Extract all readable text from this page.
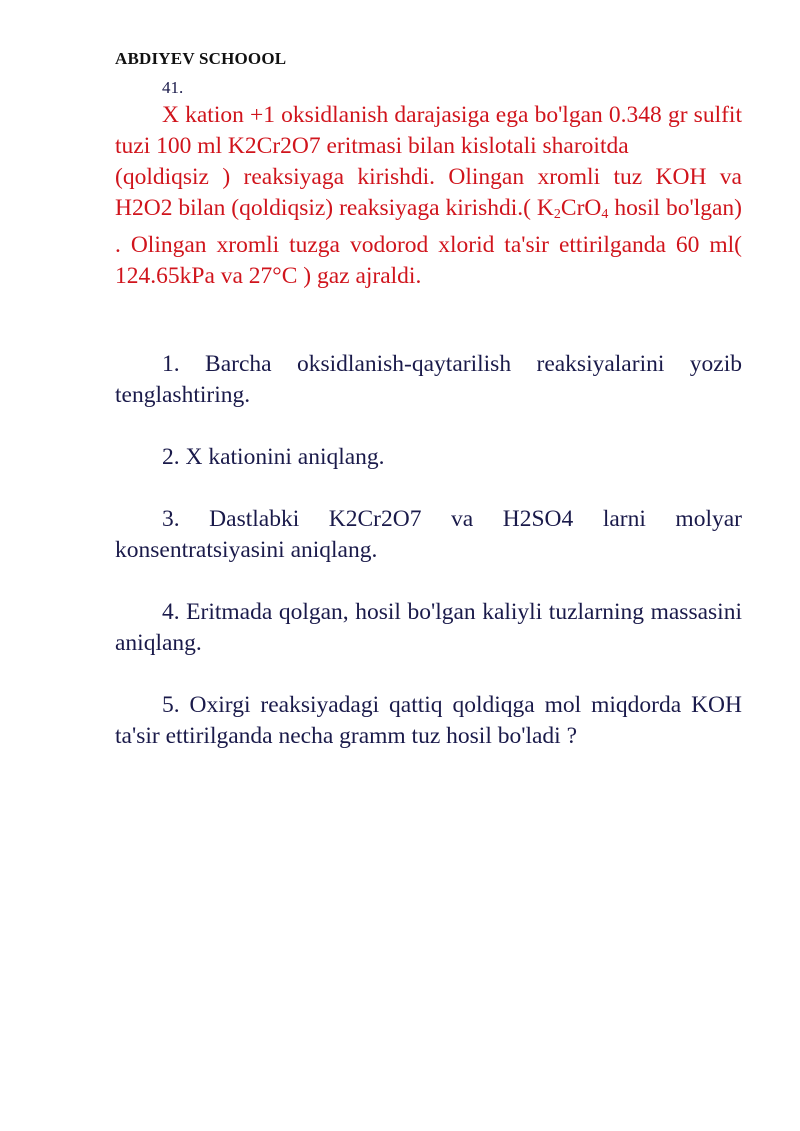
ABDIYEV SCHOOOL
41.

X kation +1 oksidlanish darajasiga ega bo'lgan 0.348 gr sulfit tuzi 100 ml K2Cr2O7 eritmasi bilan kislotali sharoitda

(qoldiqsiz ) reaksiyaga kirishdi. Olingan xromli tuz KOH va H2O2 bilan (qoldiqsiz) reaksiyaga kirishdi.( $K_2CrO_4$ hosil bo'lgan) . Olingan xromli tuzga vodorod xlorid ta'sir ettirilganda 60 ml( 124.65kPa va 27°C ) gaz ajraldi.

1. Barcha oksidlanish-qaytarilish reaksiyalarini yozib tenglashtiring.

2. X kationini aniqlang.

3. Dastlabki K2Cr2O7 va H2SO4 larni molyar konsentratsiyasini aniqlang.

4. Eritmada qolgan, hosil bo'lgan kaliyli tuzlarning massasini aniqlang.

5. Oxirgi reaksiyadagi qattiq qoldiqga mol miqdorda KOH ta'sir ettirilganda necha gramm tuz hosil bo'ladi ?
